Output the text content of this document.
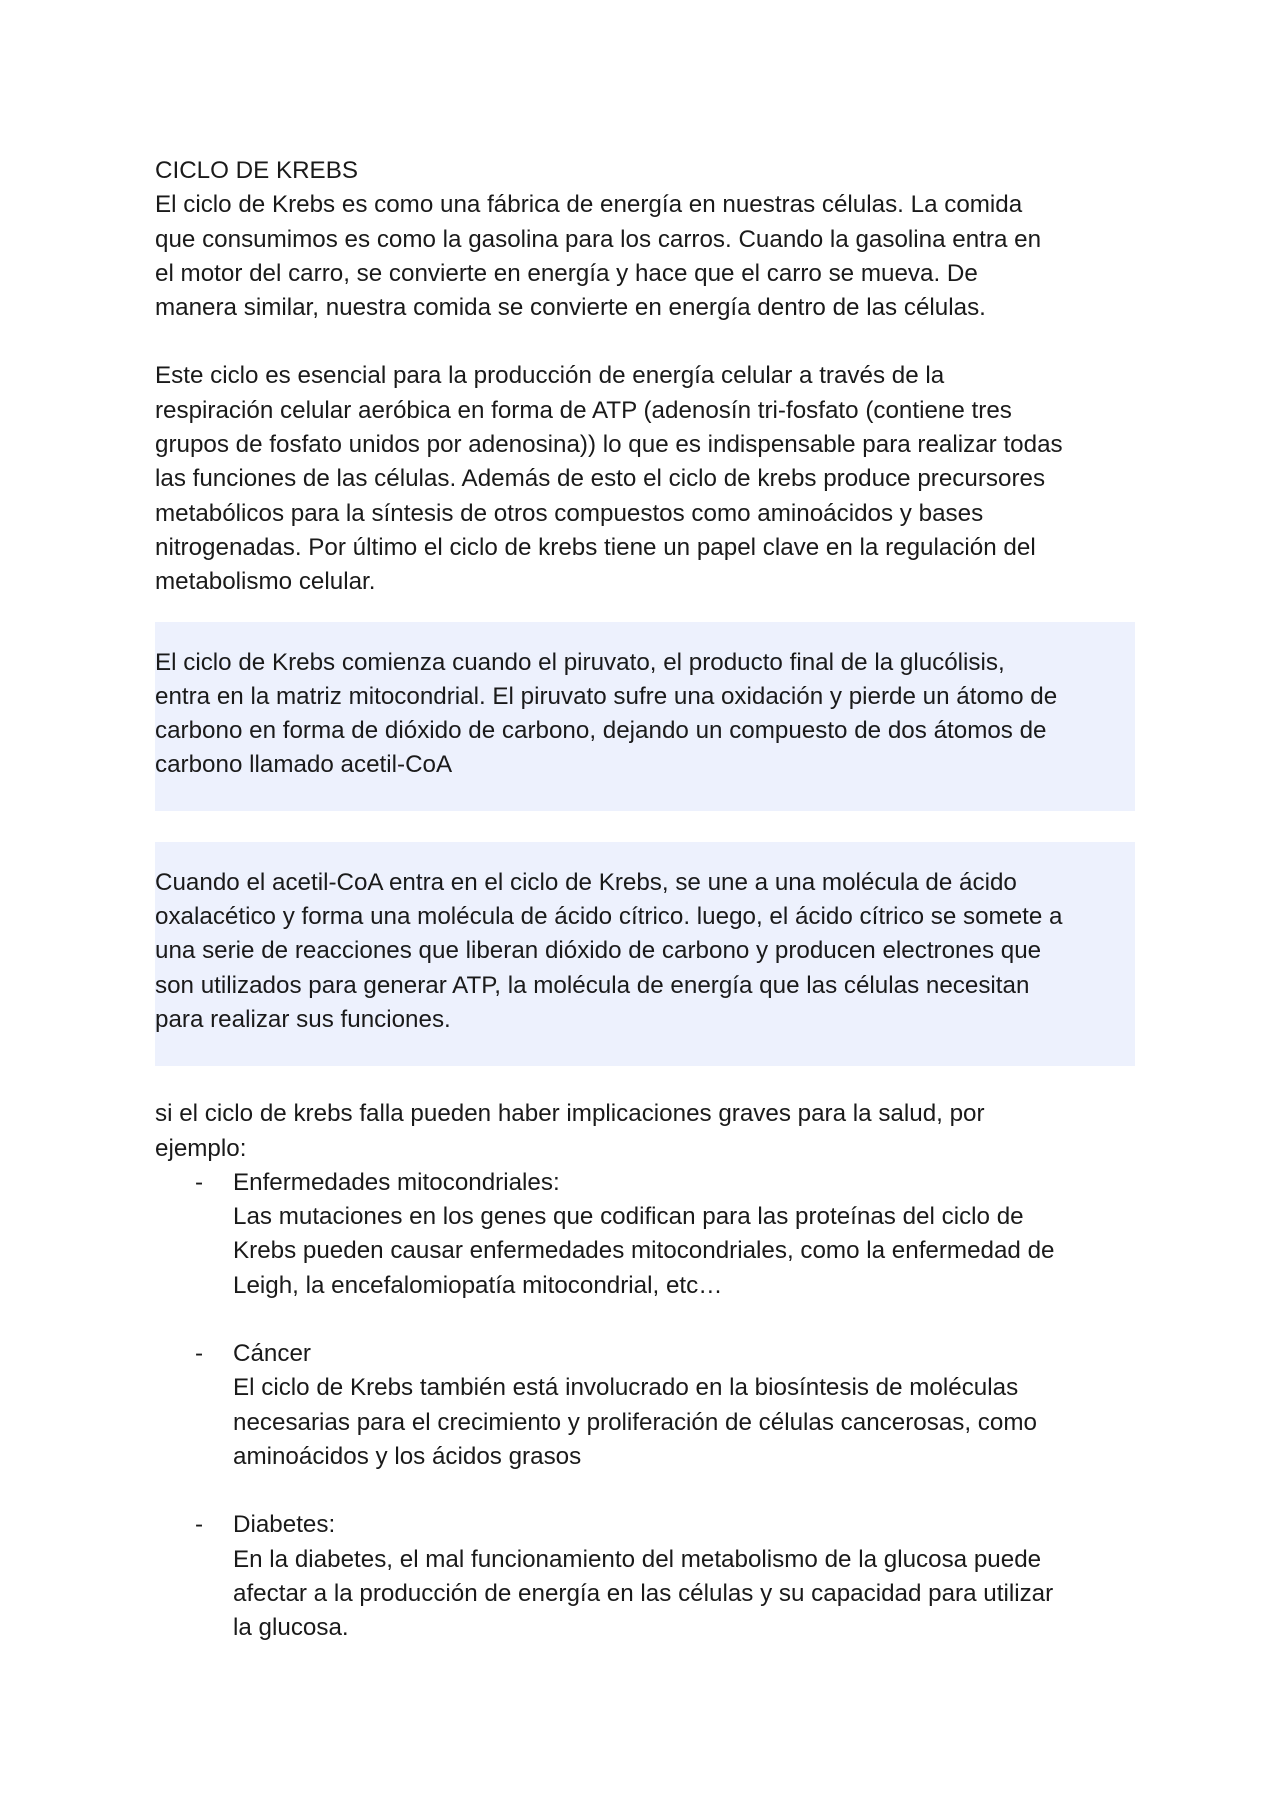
CICLO DE KREBS

El ciclo de Krebs es como una fábrica de energía en nuestras células. La comida
que consumimos es como la gasolina para los carros. Cuando la gasolina entra en
el motor del carro, se convierte en energía y hace que el carro se mueva. De
manera similar, nuestra comida se convierte en energía dentro de las células.

Este ciclo es esencial para la producción de energía celular a través de la
respiración celular aeróbica en forma de ATP (adenosín tri-fosfato (contiene tres
grupos de fosfato unidos por adenosina)) lo que es indispensable para realizar todas
las funciones de las células. Además de esto el ciclo de krebs produce precursores
metabólicos para la síntesis de otros compuestos como aminoácidos y bases
nitrogenadas. Por último el ciclo de krebs tiene un papel clave en la regulación del
metabolismo celular.

El ciclo de Krebs comienza cuando el piruvato, el producto final de la glucólisis,
entra en la matriz mitocondrial. El piruvato sufre una oxidación y pierde un átomo de
carbono en forma de dióxido de carbono, dejando un compuesto de dos átomos de
carbono llamado acetil-CoA

Cuando el acetil-CoA entra en el ciclo de Krebs, se une a una molécula de ácido
oxalacético y forma una molécula de ácido cítrico. luego, el ácido cítrico se somete a
una serie de reacciones que liberan dióxido de carbono y producen electrones que
son utilizados para generar ATP, la molécula de energía que las células necesitan
para realizar sus funciones.

si el ciclo de krebs falla pueden haber implicaciones graves para la salud, por
ejemplo:

- Enfermedades mitocondriales:

Las mutaciones en los genes que codifican para las proteínas del ciclo de
Krebs pueden causar enfermedades mitocondriales, como la enfermedad de
Leigh, la encefalomiopatía mitocondrial, etc…

- Cáncer

El ciclo de Krebs también está involucrado en la biosíntesis de moléculas
necesarias para el crecimiento y proliferación de células cancerosas, como
aminoácidos y los ácidos grasos

- Diabetes:

En la diabetes, el mal funcionamiento del metabolismo de la glucosa puede
afectar a la producción de energía en las células y su capacidad para utilizar
la glucosa.
